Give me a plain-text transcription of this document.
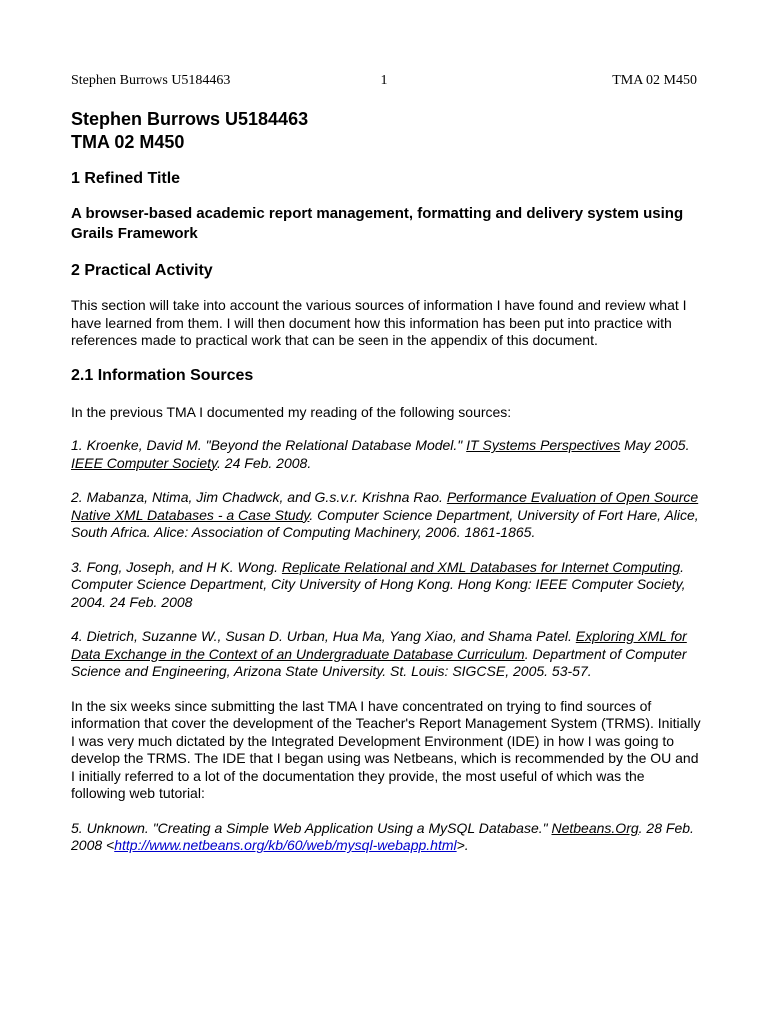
Stephen Burrows U5184463	1	TMA 02 M450
Stephen Burrows U5184463
TMA 02 M450
1 Refined Title

A browser-based academic report management, formatting and delivery system using Grails Framework

2 Practical Activity

This section will take into account the various sources of information I have found and review what I have learned from them. I will then document how this information has been put into practice with references made to practical work that can be seen in the appendix of this document.

2.1 Information Sources

In the previous TMA I documented my reading of the following sources:

1. Kroenke, David M. "Beyond the Relational Database Model." IT Systems Perspectives May 2005. IEEE Computer Society. 24 Feb. 2008.

2. Mabanza, Ntima, Jim Chadwck, and G.s.v.r. Krishna Rao. Performance Evaluation of Open Source Native XML Databases - a Case Study. Computer Science Department, University of Fort Hare, Alice, South Africa. Alice: Association of Computing Machinery, 2006. 1861-1865.

3. Fong, Joseph, and H K. Wong. Replicate Relational and XML Databases for Internet Computing. Computer Science Department, City University of Hong Kong. Hong Kong: IEEE Computer Society, 2004. 24 Feb. 2008

4. Dietrich, Suzanne W., Susan D. Urban, Hua Ma, Yang Xiao, and Shama Patel. Exploring XML for Data Exchange in the Context of an Undergraduate Database Curriculum. Department of Computer Science and Engineering, Arizona State University. St. Louis: SIGCSE, 2005. 53-57.

In the six weeks since submitting the last TMA I have concentrated on trying to find sources of information that cover the development of the Teacher's Report Management System (TRMS). Initially I was very much dictated by the Integrated Development Environment (IDE) in how I was going to develop the TRMS. The IDE that I began using was Netbeans, which is recommended by the OU and I initially referred to a lot of the documentation they provide, the most useful of which was the following web tutorial:

5. Unknown. "Creating a Simple Web Application Using a MySQL Database." Netbeans.Org. 28 Feb. 2008 <http://www.netbeans.org/kb/60/web/mysql-webapp.html>.
